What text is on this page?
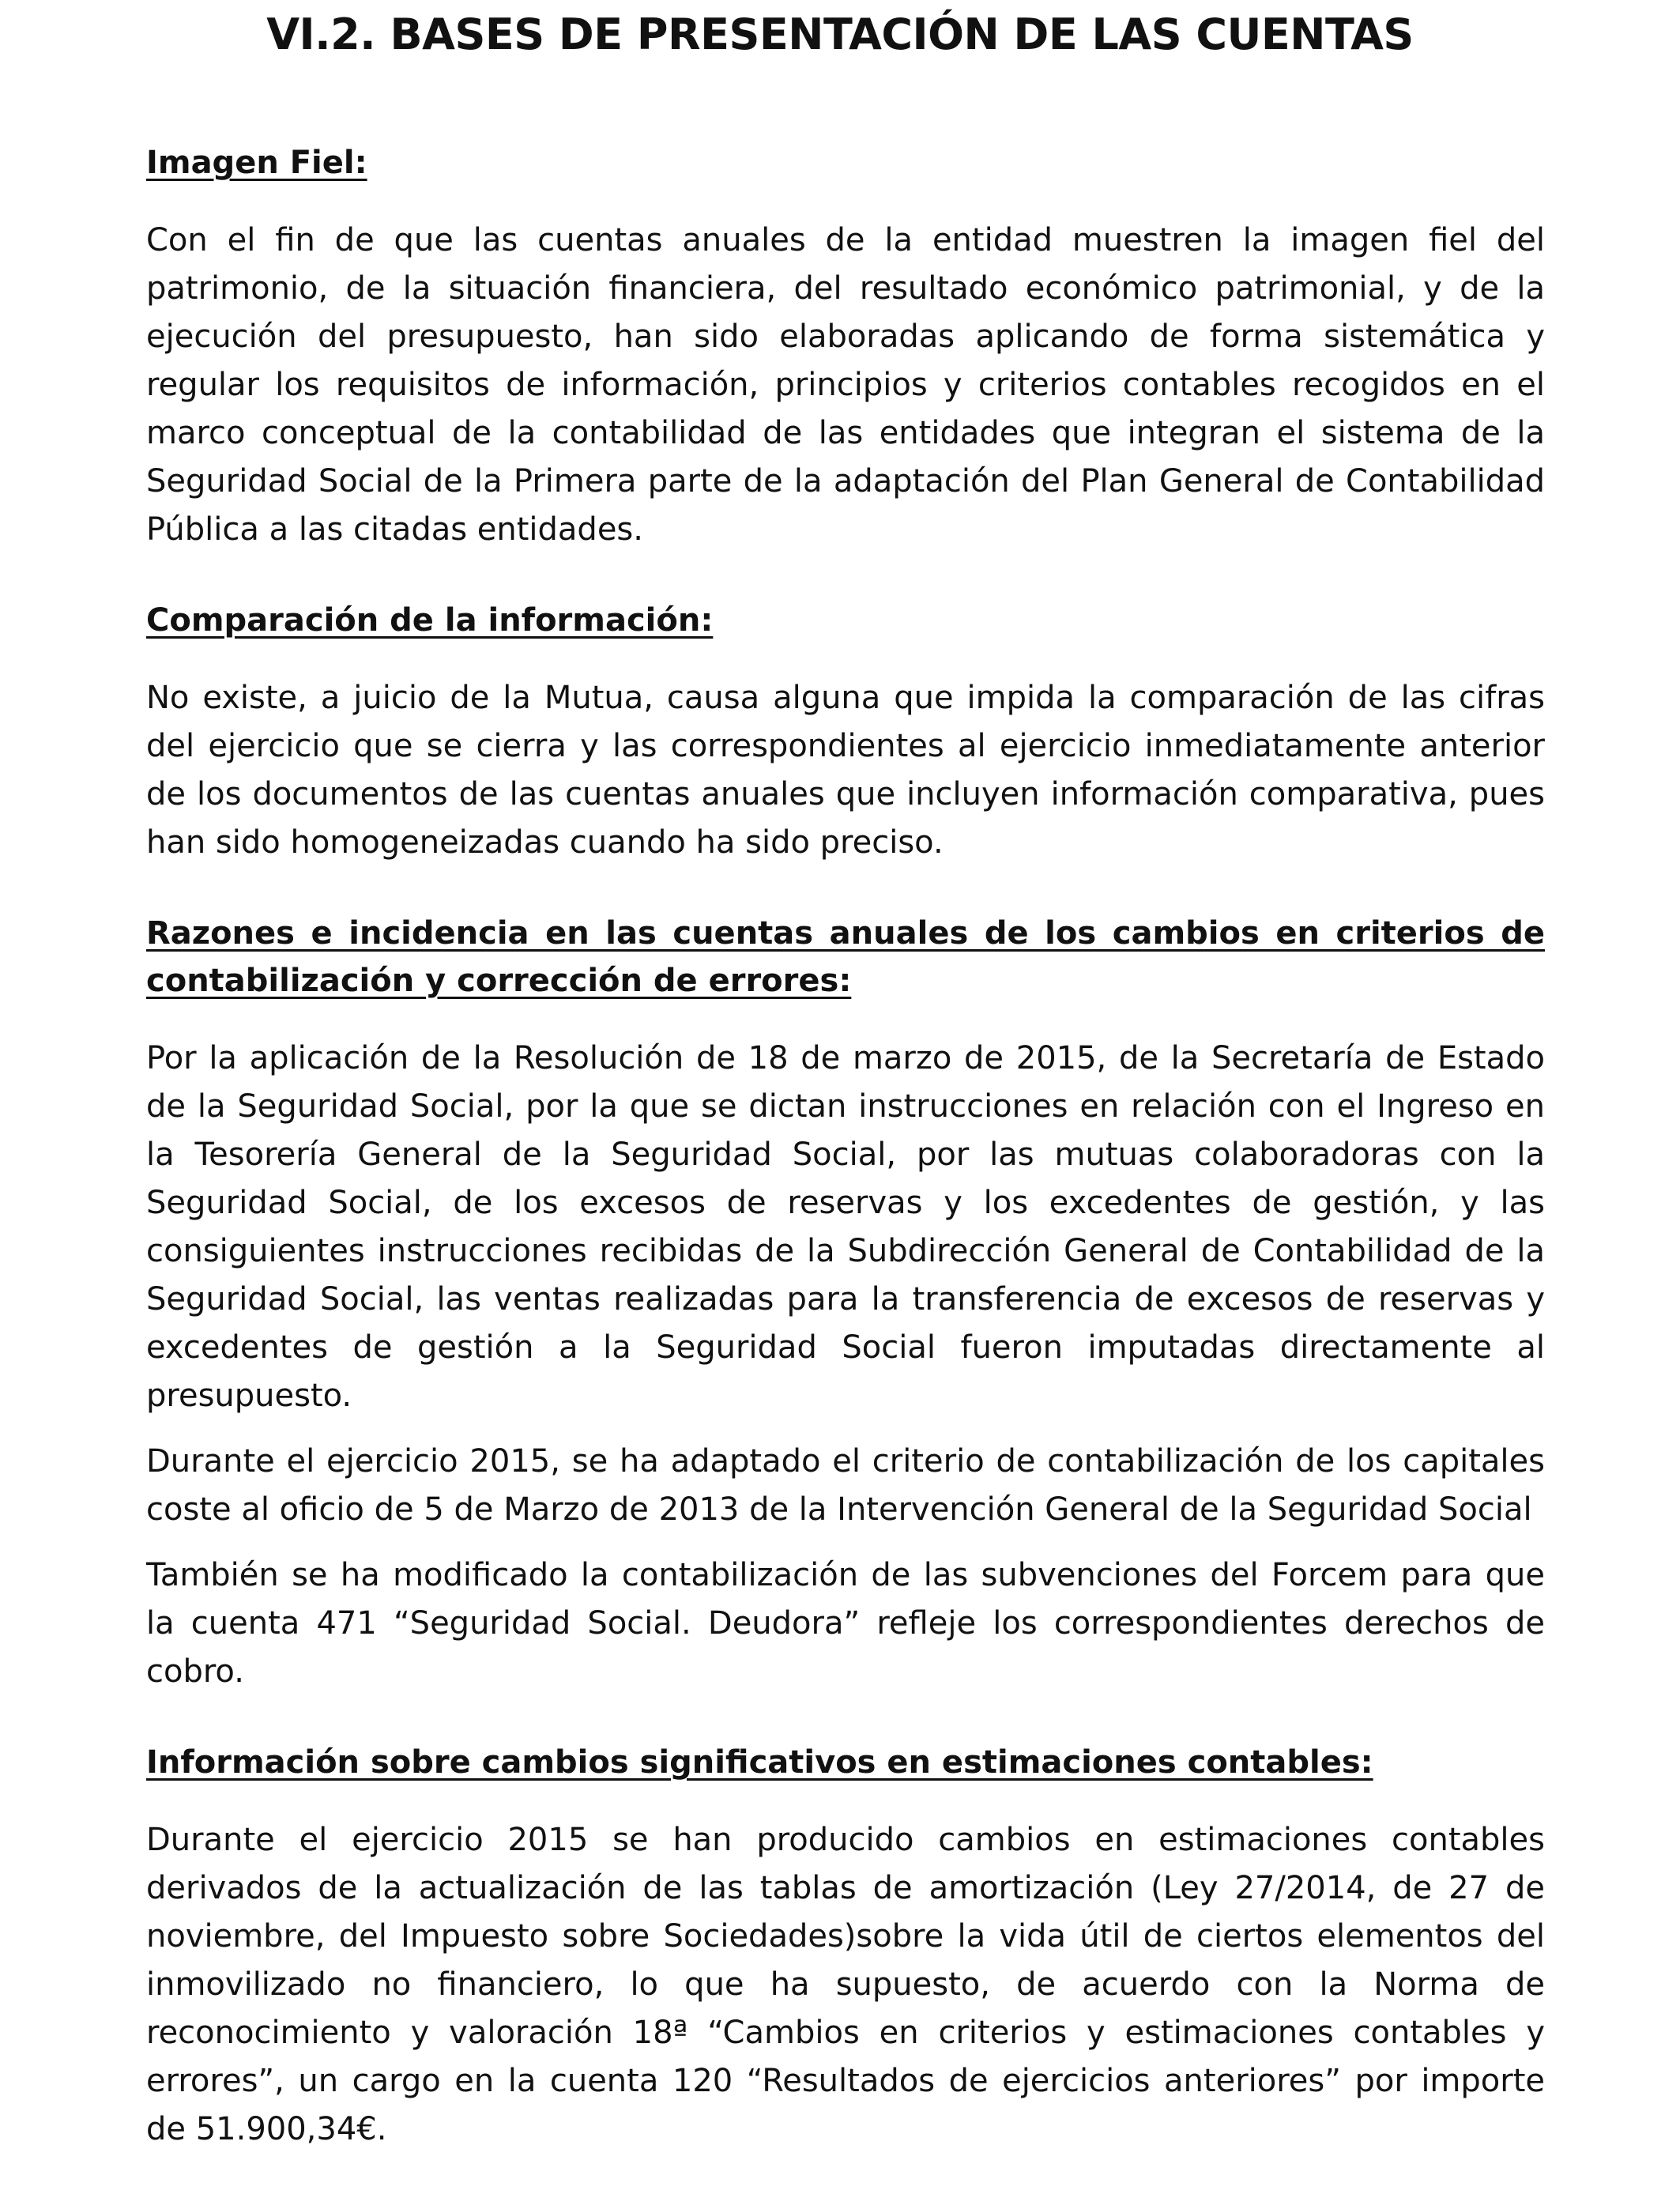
VI.2. BASES DE PRESENTACIÓN DE LAS CUENTAS

Imagen Fiel:

Con el fin de que las cuentas anuales de la entidad muestren la imagen fiel del patrimonio, de la situación financiera, del resultado económico patrimonial, y de la ejecución del presupuesto, han sido elaboradas aplicando de forma sistemática y regular los requisitos de información, principios y criterios contables recogidos en el marco conceptual de la contabilidad de las entidades que integran el sistema de la Seguridad Social de la Primera parte de la adaptación del Plan General de Contabilidad Pública a las citadas entidades.

Comparación de la información:

No existe, a juicio de la Mutua, causa alguna que impida la comparación de las cifras del ejercicio que se cierra y las correspondientes al ejercicio inmediatamente anterior de los documentos de las cuentas anuales que incluyen información comparativa, pues han sido homogeneizadas cuando ha sido preciso.

Razones e incidencia en las cuentas anuales de los cambios en criterios de contabilización y corrección de errores:

Por la aplicación de la Resolución de 18 de marzo de 2015, de la Secretaría de Estado de la Seguridad Social, por la que se dictan instrucciones en relación con el Ingreso en la Tesorería General de la Seguridad Social, por las mutuas colaboradoras con la Seguridad Social, de los excesos de reservas y los excedentes de gestión, y las consiguientes instrucciones recibidas de la Subdirección General de Contabilidad de la Seguridad Social, las ventas realizadas para la transferencia de excesos de reservas y excedentes de gestión a la Seguridad Social fueron imputadas directamente al presupuesto.

Durante el ejercicio 2015, se ha adaptado el criterio de contabilización de los capitales coste al oficio de 5 de Marzo de 2013 de la Intervención General de la Seguridad Social

También se ha modificado la contabilización de las subvenciones del Forcem para que la cuenta 471 “Seguridad Social. Deudora” refleje los correspondientes derechos de cobro.

Información sobre cambios significativos en estimaciones contables:

Durante el ejercicio 2015 se han producido cambios en estimaciones contables derivados de la actualización de las tablas de amortización (Ley 27/2014, de 27 de noviembre, del Impuesto sobre Sociedades)sobre la vida útil de ciertos elementos del inmovilizado no financiero, lo que ha supuesto, de acuerdo con la Norma de reconocimiento y valoración 18ª “Cambios en criterios y estimaciones contables y errores”, un cargo en la cuenta 120 “Resultados de ejercicios anteriores” por importe de 51.900,34€.
